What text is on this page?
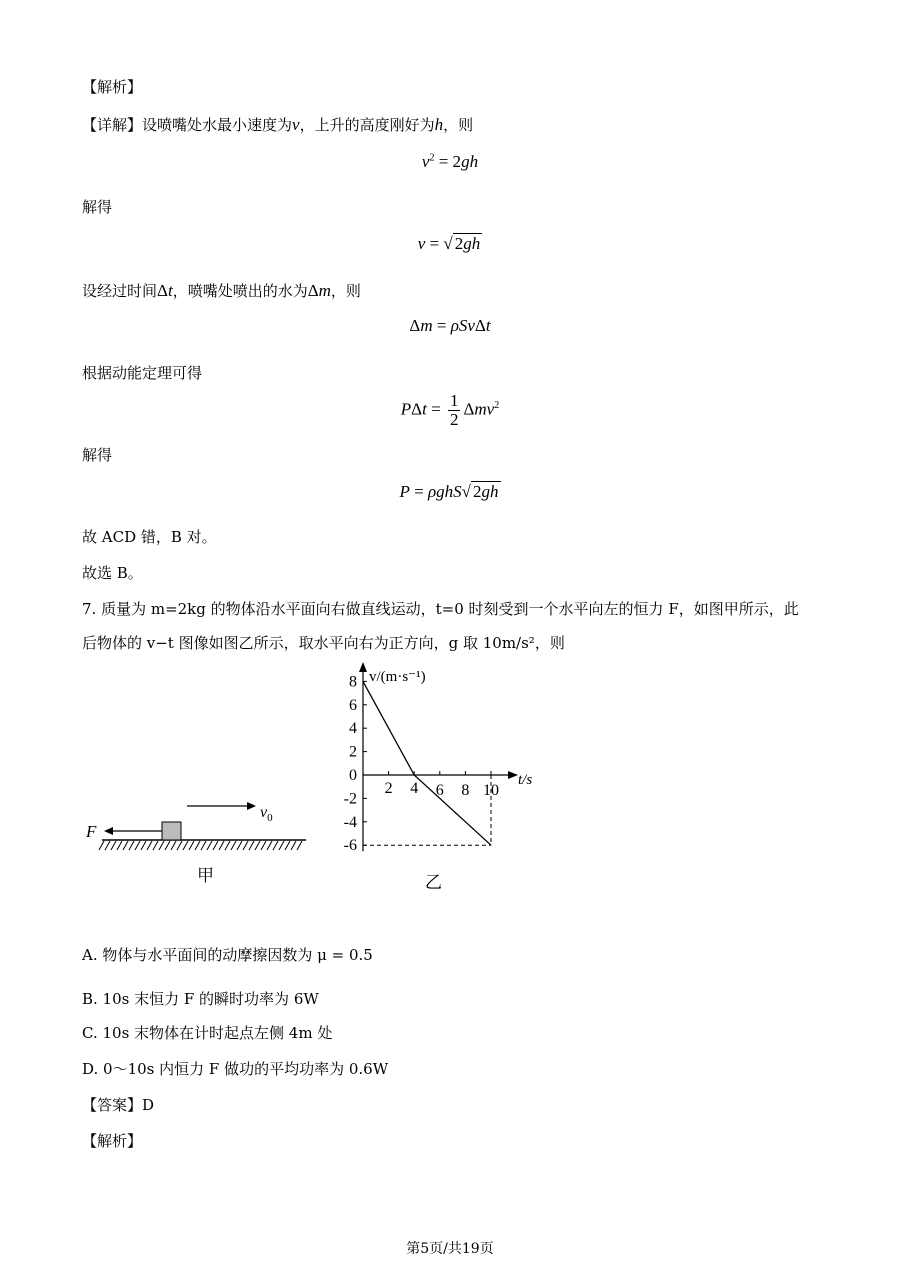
【解析】
【详解】设喷嘴处水最小速度为v，上升的高度刚好为h，则
$v^2 = 2gh$
解得
v = √ 2gh
设经过时间Δt，喷嘴处喷出的水为Δm，则
Δm = ρSvΔt
根据动能定理可得
$P\Delta t = \frac{1}{2} \Delta mv^2$
解得
P = ρghS√ 2gh
故 ACD 错，B 对。
故选 B。
7. 质量为 m=2kg 的物体沿水平面向右做直线运动，t=0 时刻受到一个水平向左的恒力 F，如图甲所示，此
后物体的 v−t 图像如图乙所示，取水平向右为正方向，g 取 10m/s²，则
F
$v_0$
甲
v/(m·s⁻¹)
t/s
8
6
4
2
0
-2
-4
-6
2 4 6 8 10
乙
A. 物体与水平面间的动摩擦因数为 μ = 0.5
B. 10s 末恒力 F 的瞬时功率为 6W
C. 10s 末物体在计时起点左侧 4m 处
D. 0～10s 内恒力 F 做功的平均功率为 0.6W
【答案】D
【解析】
第5页/共19页
